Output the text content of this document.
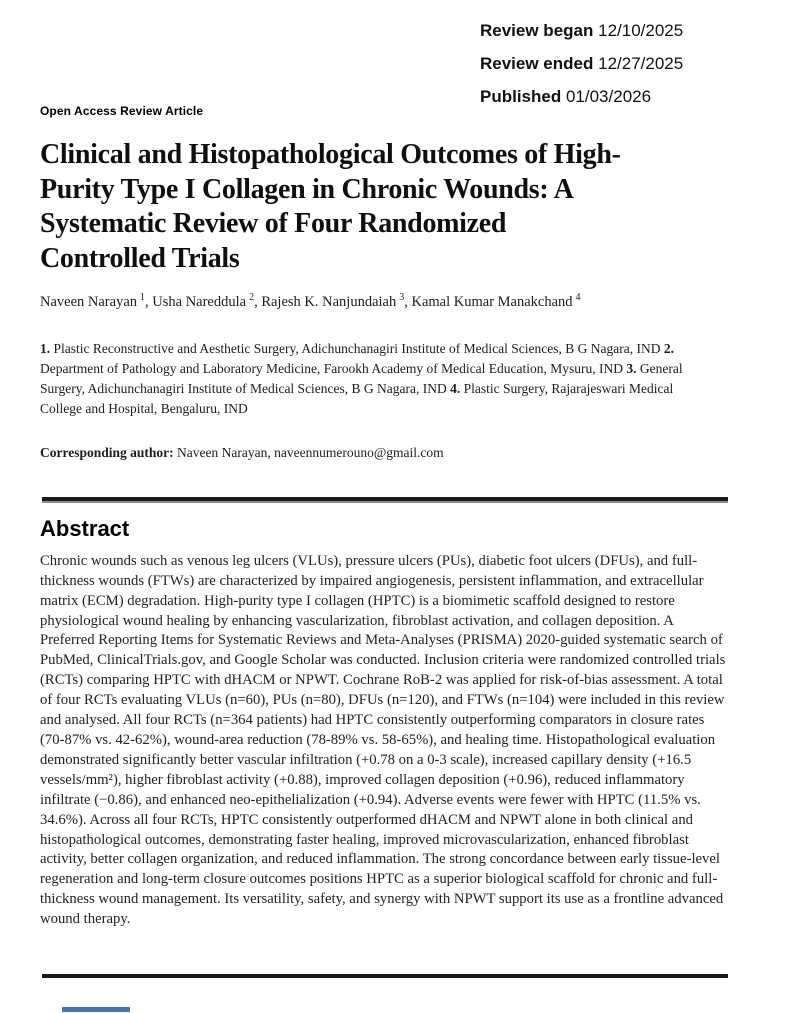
Review began 12/10/2025
Review ended 12/27/2025
Published 01/03/2026
Open Access Review Article
Clinical and Histopathological Outcomes of High-
Purity Type I Collagen in Chronic Wounds: A
Systematic Review of Four Randomized
Controlled Trials

Naveen Narayan $^1$, Usha Nareddula $^2$, Rajesh K. Nanjundaiah $^3$, Kamal Kumar Manakchand $^4$

1. Plastic Reconstructive and Aesthetic Surgery, Adichunchanagiri Institute of Medical Sciences, B G Nagara, IND 2. Department of Pathology and Laboratory Medicine, Farookh Academy of Medical Education, Mysuru, IND 3. General Surgery, Adichunchanagiri Institute of Medical Sciences, B G Nagara, IND 4. Plastic Surgery, Rajarajeswari Medical College and Hospital, Bengaluru, IND

Corresponding author: Naveen Narayan, naveennumerouno@gmail.com

Abstract

Chronic wounds such as venous leg ulcers (VLUs), pressure ulcers (PUs), diabetic foot ulcers (DFUs), and full-thickness wounds (FTWs) are characterized by impaired angiogenesis, persistent inflammation, and extracellular matrix (ECM) degradation. High-purity type I collagen (HPTC) is a biomimetic scaffold designed to restore physiological wound healing by enhancing vascularization, fibroblast activation, and collagen deposition. A Preferred Reporting Items for Systematic Reviews and Meta-Analyses (PRISMA) 2020-guided systematic search of PubMed, ClinicalTrials.gov, and Google Scholar was conducted. Inclusion criteria were randomized controlled trials (RCTs) comparing HPTC with dHACM or NPWT. Cochrane RoB-2 was applied for risk-of-bias assessment. A total of four RCTs evaluating VLUs (n=60), PUs (n=80), DFUs (n=120), and FTWs (n=104) were included in this review and analysed. All four RCTs (n=364 patients) had HPTC consistently outperforming comparators in closure rates (70-87% vs. 42-62%), wound-area reduction (78-89% vs. 58-65%), and healing time. Histopathological evaluation demonstrated significantly better vascular infiltration (+0.78 on a 0-3 scale), increased capillary density (+16.5 vessels/mm²), higher fibroblast activity (+0.88), improved collagen deposition (+0.96), reduced inflammatory infiltrate (−0.86), and enhanced neo-epithelialization (+0.94). Adverse events were fewer with HPTC (11.5% vs. 34.6%). Across all four RCTs, HPTC consistently outperformed dHACM and NPWT alone in both clinical and histopathological outcomes, demonstrating faster healing, improved microvascularization, enhanced fibroblast activity, better collagen organization, and reduced inflammation. The strong concordance between early tissue-level regeneration and long-term closure outcomes positions HPTC as a superior biological scaffold for chronic and full-thickness wound management. Its versatility, safety, and synergy with NPWT support its use as a frontline advanced wound therapy.
